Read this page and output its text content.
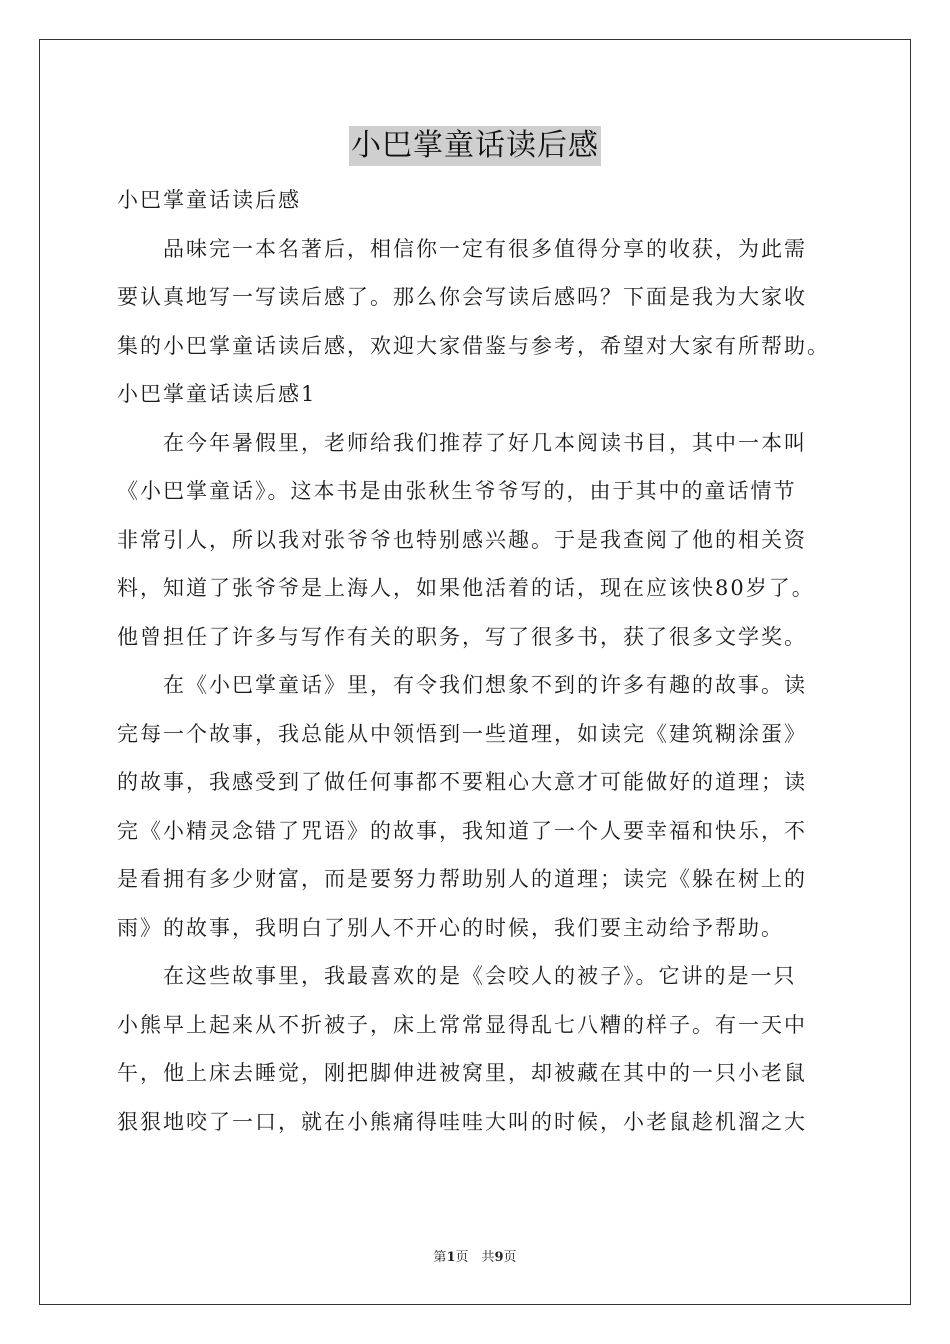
小巴掌童话读后感
小巴掌童话读后感
品味完一本名著后，相信你一定有很多值得分享的收获，为此需
要认真地写一写读后感了。那么你会写读后感吗？下面是我为大家收
集的小巴掌童话读后感，欢迎大家借鉴与参考，希望对大家有所帮助。
小巴掌童话读后感1
在今年暑假里，老师给我们推荐了好几本阅读书目，其中一本叫
《小巴掌童话》。这本书是由张秋生爷爷写的，由于其中的童话情节
非常引人，所以我对张爷爷也特别感兴趣。于是我查阅了他的相关资
料，知道了张爷爷是上海人，如果他活着的话，现在应该快80岁了。
他曾担任了许多与写作有关的职务，写了很多书，获了很多文学奖。
在《小巴掌童话》里，有令我们想象不到的许多有趣的故事。读
完每一个故事，我总能从中领悟到一些道理，如读完《建筑糊涂蛋》
的故事，我感受到了做任何事都不要粗心大意才可能做好的道理；读
完《小精灵念错了咒语》的故事，我知道了一个人要幸福和快乐，不
是看拥有多少财富，而是要努力帮助别人的道理；读完《躲在树上的
雨》的故事，我明白了别人不开心的时候，我们要主动给予帮助。
在这些故事里，我最喜欢的是《会咬人的被子》。它讲的是一只
小熊早上起来从不折被子，床上常常显得乱七八糟的样子。有一天中
午，他上床去睡觉，刚把脚伸进被窝里，却被藏在其中的一只小老鼠
狠狠地咬了一口，就在小熊痛得哇哇大叫的时候，小老鼠趁机溜之大
第1页　共9页
